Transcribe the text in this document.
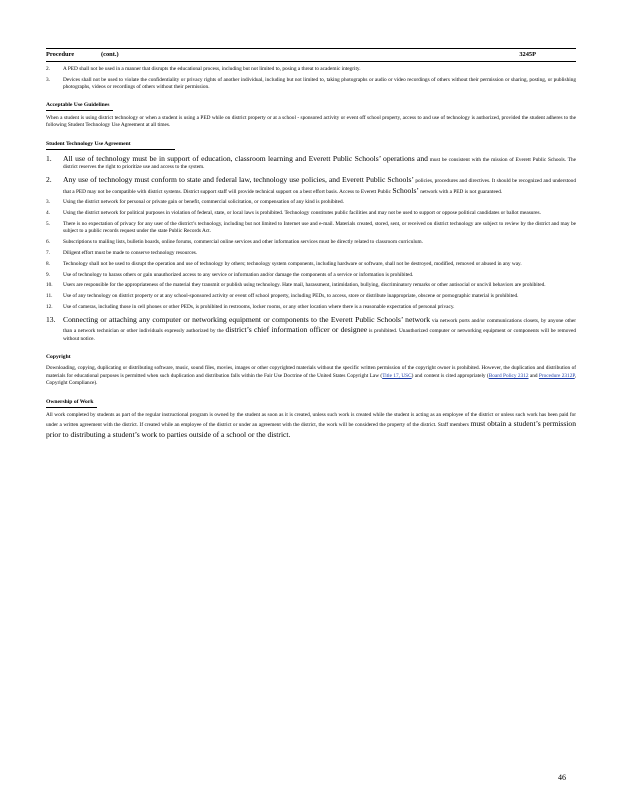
Procedure	(cont.)	3245P
2. A PED shall not be used in a manner that disrupts the educational process, including but not limited to, posing a threat to academic integrity.

3. Devices shall not be used to violate the confidentiality or privacy rights of another individual, including but not limited to, taking photographs or audio or video recordings of others without their permission or sharing, posting, or publishing photographs, videos or recordings of others without their permission.

Acceptable Use Guidelines

When a student is using district technology or when a student is using a PED while on district property or at a school - sponsored activity or event off school property, access to and use of technology is authorized, provided the student adheres to the following Student Technology Use Agreement at all times.

Student Technology Use Agreement
1. All use of technology must be in support of education, classroom learning and Everett Public Schools’ operations and must be consistent with the mission of Everett Public Schools. The district reserves the right to prioritize use and access to the system.

2. Any use of technology must conform to state and federal law, technology use policies, and Everett Public Schools’ policies, procedures and directives. It should be recognized and understood that a PED may not be compatible with district systems. District support staff will provide technical support on a best effort basis. Access to Everett Public Schools’ network with a PED is not guaranteed.

3. Using the district network for personal or private gain or benefit, commercial solicitation, or compensation of any kind is prohibited.

4. Using the district network for political purposes in violation of federal, state, or local laws is prohibited. Technology constitutes public facilities and may not be used to support or oppose political candidates or ballot measures.

5. There is no expectation of privacy for any user of the district’s technology, including but not limited to Internet use and e-mail. Materials created, stored, sent, or received on district technology are subject to review by the district and may be subject to a public records request under the state Public Records Act.

6. Subscriptions to mailing lists, bulletin boards, online forums, commercial online services and other information services must be directly related to classroom curriculum.

7. Diligent effort must be made to conserve technology resources.

8. Technology shall not be used to disrupt the operation and use of technology by others; technology system components, including hardware or software, shall not be destroyed, modified, removed or abused in any way.

9. Use of technology to harass others or gain unauthorized access to any service or information and/or damage the components of a service or information is prohibited.

10. Users are responsible for the appropriateness of the material they transmit or publish using technology. Hate mail, harassment, intimidation, bullying, discriminatory remarks or other antisocial or uncivil behaviors are prohibited.

11. Use of any technology on district property or at any school-sponsored activity or event off school property, including PEDs, to access, store or distribute inappropriate, obscene or pornographic material is prohibited.

12. Use of cameras, including those in cell phones or other PEDs, is prohibited in restrooms, locker rooms, or any other location where there is a reasonable expectation of personal privacy.

13. Connecting or attaching any computer or networking equipment or components to the Everett Public Schools’ network via network ports and/or communications closets, by anyone other than a network technician or other individuals expressly authorized by the district’s chief information officer or designee is prohibited. Unauthorized computer or networking equipment or components will be removed without notice.

Copyright

Downloading, copying, duplicating or distributing software, music, sound files, movies, images or other copyrighted materials without the specific written permission of the copyright owner is prohibited. However, the duplication and distribution of materials for educational purposes is permitted when such duplication and distribution falls within the Fair Use Doctrine of the United States Copyright Law (Title 17, USC) and content is cited appropriately (Board Policy 2312 and Procedure 2312P, Copyright Compliance).

Ownership of Work

All work completed by students as part of the regular instructional program is owned by the student as soon as it is created, unless such work is created while the student is acting as an employee of the district or unless such work has been paid for under a written agreement with the district. If created while an employee of the district or under an agreement with the district, the work will be considered the property of the district. Staff members must obtain a student’s permission prior to distributing a student’s work to parties outside of a school or the district.

46
